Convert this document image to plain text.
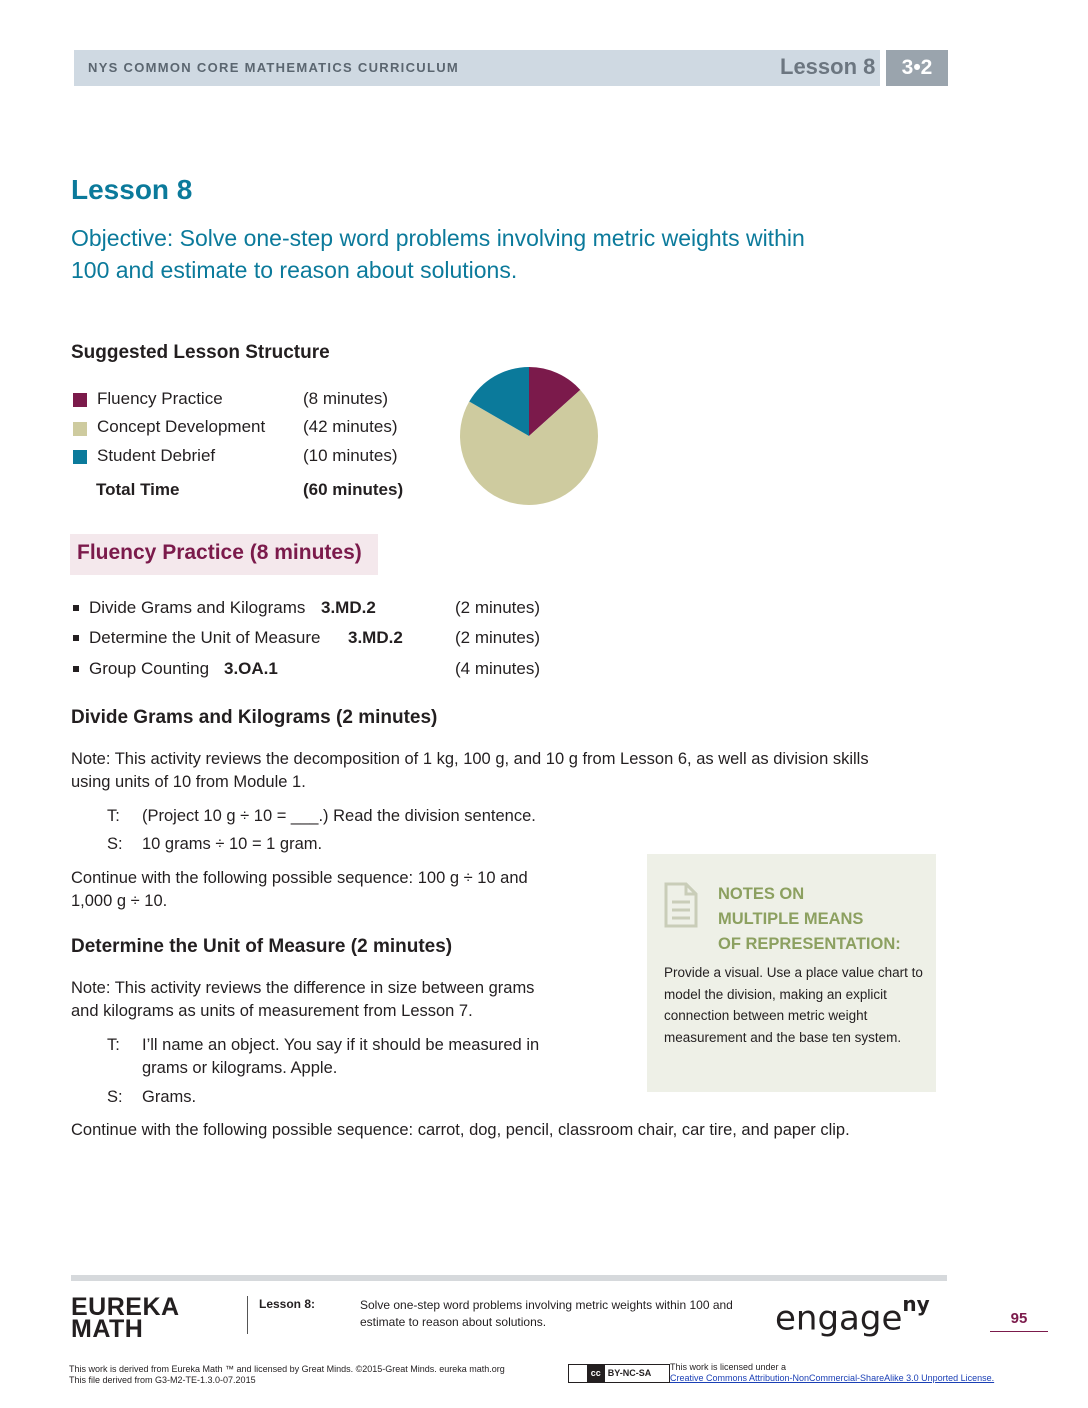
NYS COMMON CORE MATHEMATICS CURRICULUM	Lesson 8	3•2
Lesson 8
Objective: Solve one-step word problems involving metric weights within
100 and estimate to reason about solutions.
Suggested Lesson Structure
Fluency Practice	(8 minutes)
Concept Development (42 minutes)
Student Debrief	(10 minutes)
Total Time	(60 minutes)
Fluency Practice (8 minutes)
Divide Grams and Kilograms 3.MD.2	(2 minutes)
Determine the Unit of Measure 3.MD.2	(2 minutes)
Group Counting 3.OA.1	(4 minutes)
Divide Grams and Kilograms (2 minutes)
Note: This activity reviews the decomposition of 1 kg, 100 g, and 10 g from Lesson 6, as well as division skills
using units of 10 from Module 1.
T: (Project 10 g ÷ 10 = ___.) Read the division sentence.
S: 10 grams ÷ 10 = 1 gram.
Continue with the following possible sequence: 100 g ÷ 10 and
1,000 g ÷ 10.
Determine the Unit of Measure (2 minutes)
Note: This activity reviews the difference in size between grams
and kilograms as units of measurement from Lesson 7.
T: I’ll name an object. You say if it should be measured in
grams or kilograms. Apple.
S: Grams.
Continue with the following possible sequence: carrot, dog, pencil, classroom chair, car tire, and paper clip.
NOTES ON
MULTIPLE MEANS
OF REPRESENTATION:
Provide a visual. Use a place value chart to model the division, making an explicit connection between metric weight measurement and the base ten system.
EUREKA
MATH
Lesson 8:	Solve one-step word problems involving metric weights within 100 and estimate to reason about solutions.	engage$^{ny}$
95
This work is derived from Eureka Math ™ and licensed by Great Minds. ©2015-Great Minds. eureka math.org
This file derived from G3-M2-TE-1.3.0-07.2015
cc BY-NC-SA
This work is licensed under a
Creative Commons Attribution-NonCommercial-ShareAlike 3.0 Unported License.
